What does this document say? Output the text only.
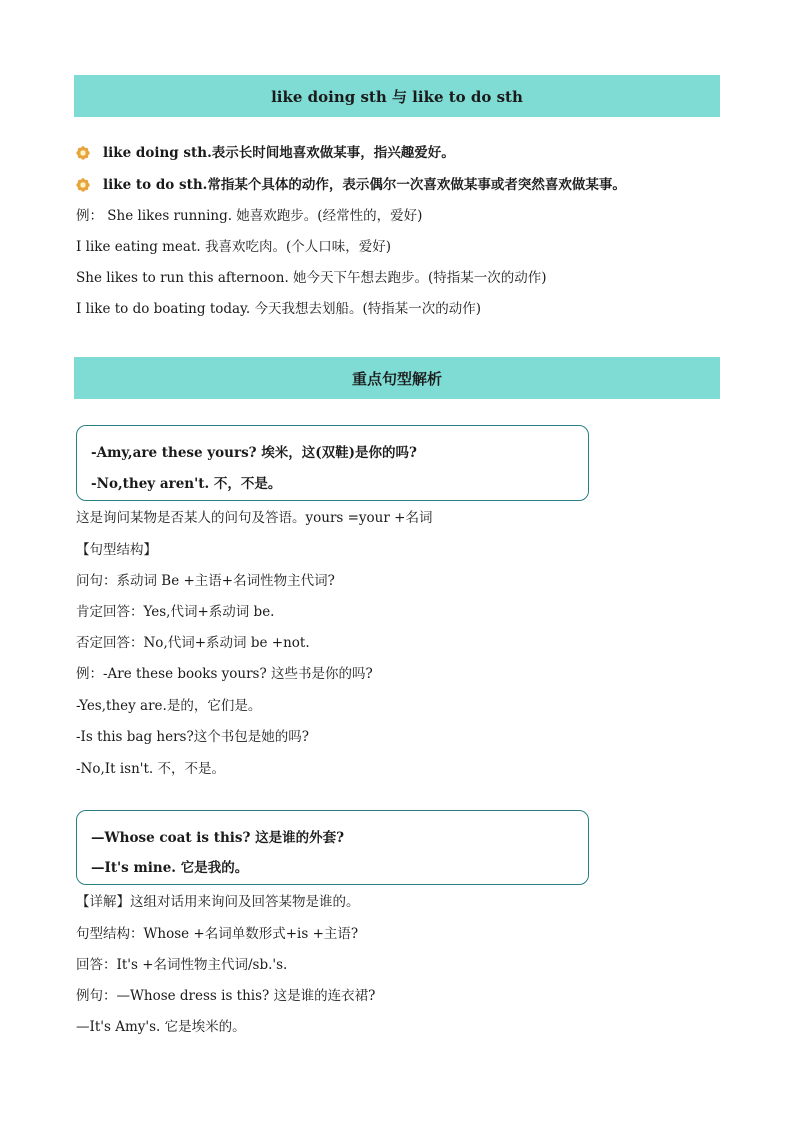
like doing sth 与 like to do sth
like doing sth.表示长时间地喜欢做某事，指兴趣爱好。
like to do sth.常指某个具体的动作，表示偶尔一次喜欢做某事或者突然喜欢做某事。
例： She likes running. 她喜欢跑步。(经常性的，爱好)
I like eating meat. 我喜欢吃肉。(个人口味，爱好)
She likes to run this afternoon. 她今天下午想去跑步。(特指某一次的动作)
I like to do boating today. 今天我想去划船。(特指某一次的动作)
重点句型解析
-Amy,are these yours? 埃米，这(双鞋)是你的吗?
-No,they aren't. 不，不是。
这是询问某物是否某人的问句及答语。yours =your +名词
【句型结构】
问句：系动词 Be +主语+名词性物主代词?
肯定回答：Yes,代词+系动词 be.
否定回答：No,代词+系动词 be +not.
例：-Are these books yours? 这些书是你的吗?
-Yes,they are.是的，它们是。
-Is this bag hers?这个书包是她的吗?
-No,It isn't. 不，不是。
—Whose coat is this? 这是谁的外套?
—It's mine. 它是我的。
【详解】这组对话用来询问及回答某物是谁的。
句型结构：Whose +名词单数形式+is +主语?
回答：It's +名词性物主代词/sb.'s.
例句：—Whose dress is this? 这是谁的连衣裙?
—It's Amy's. 它是埃米的。
